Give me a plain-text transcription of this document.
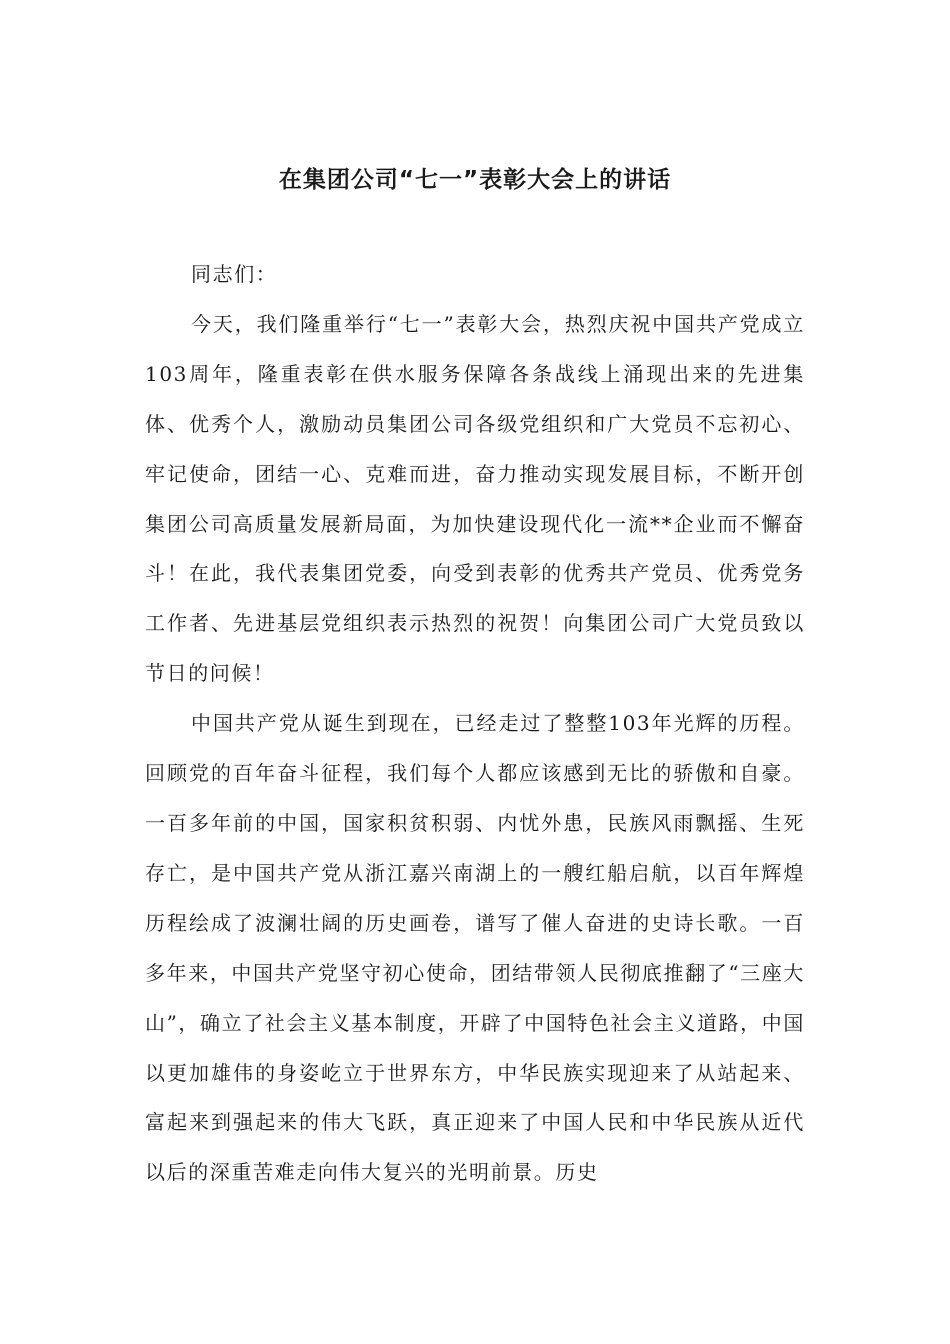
在集团公司“七一”表彰大会上的讲话

同志们：

今天，我们隆重举行“七一”表彰大会，热烈庆祝中国共产党成立103周年，隆重表彰在供水服务保障各条战线上涌现出来的先进集体、优秀个人，激励动员集团公司各级党组织和广大党员不忘初心、牢记使命，团结一心、克难而进，奋力推动实现发展目标，不断开创集团公司高质量发展新局面，为加快建设现代化一流**企业而不懈奋斗！在此，我代表集团党委，向受到表彰的优秀共产党员、优秀党务工作者、先进基层党组织表示热烈的祝贺！向集团公司广大党员致以节日的问候！

中国共产党从诞生到现在，已经走过了整整103年光辉的历程。回顾党的百年奋斗征程，我们每个人都应该感到无比的骄傲和自豪。一百多年前的中国，国家积贫积弱、内忧外患，民族风雨飘摇、生死存亡，是中国共产党从浙江嘉兴南湖上的一艘红船启航，以百年辉煌历程绘成了波澜壮阔的历史画卷，谱写了催人奋进的史诗长歌。一百多年来，中国共产党坚守初心使命，团结带领人民彻底推翻了“三座大山”，确立了社会主义基本制度，开辟了中国特色社会主义道路，中国以更加雄伟的身姿屹立于世界东方，中华民族实现迎来了从站起来、富起来到强起来的伟大飞跃，真正迎来了中国人民和中华民族从近代以后的深重苦难走向伟大复兴的光明前景。历史
